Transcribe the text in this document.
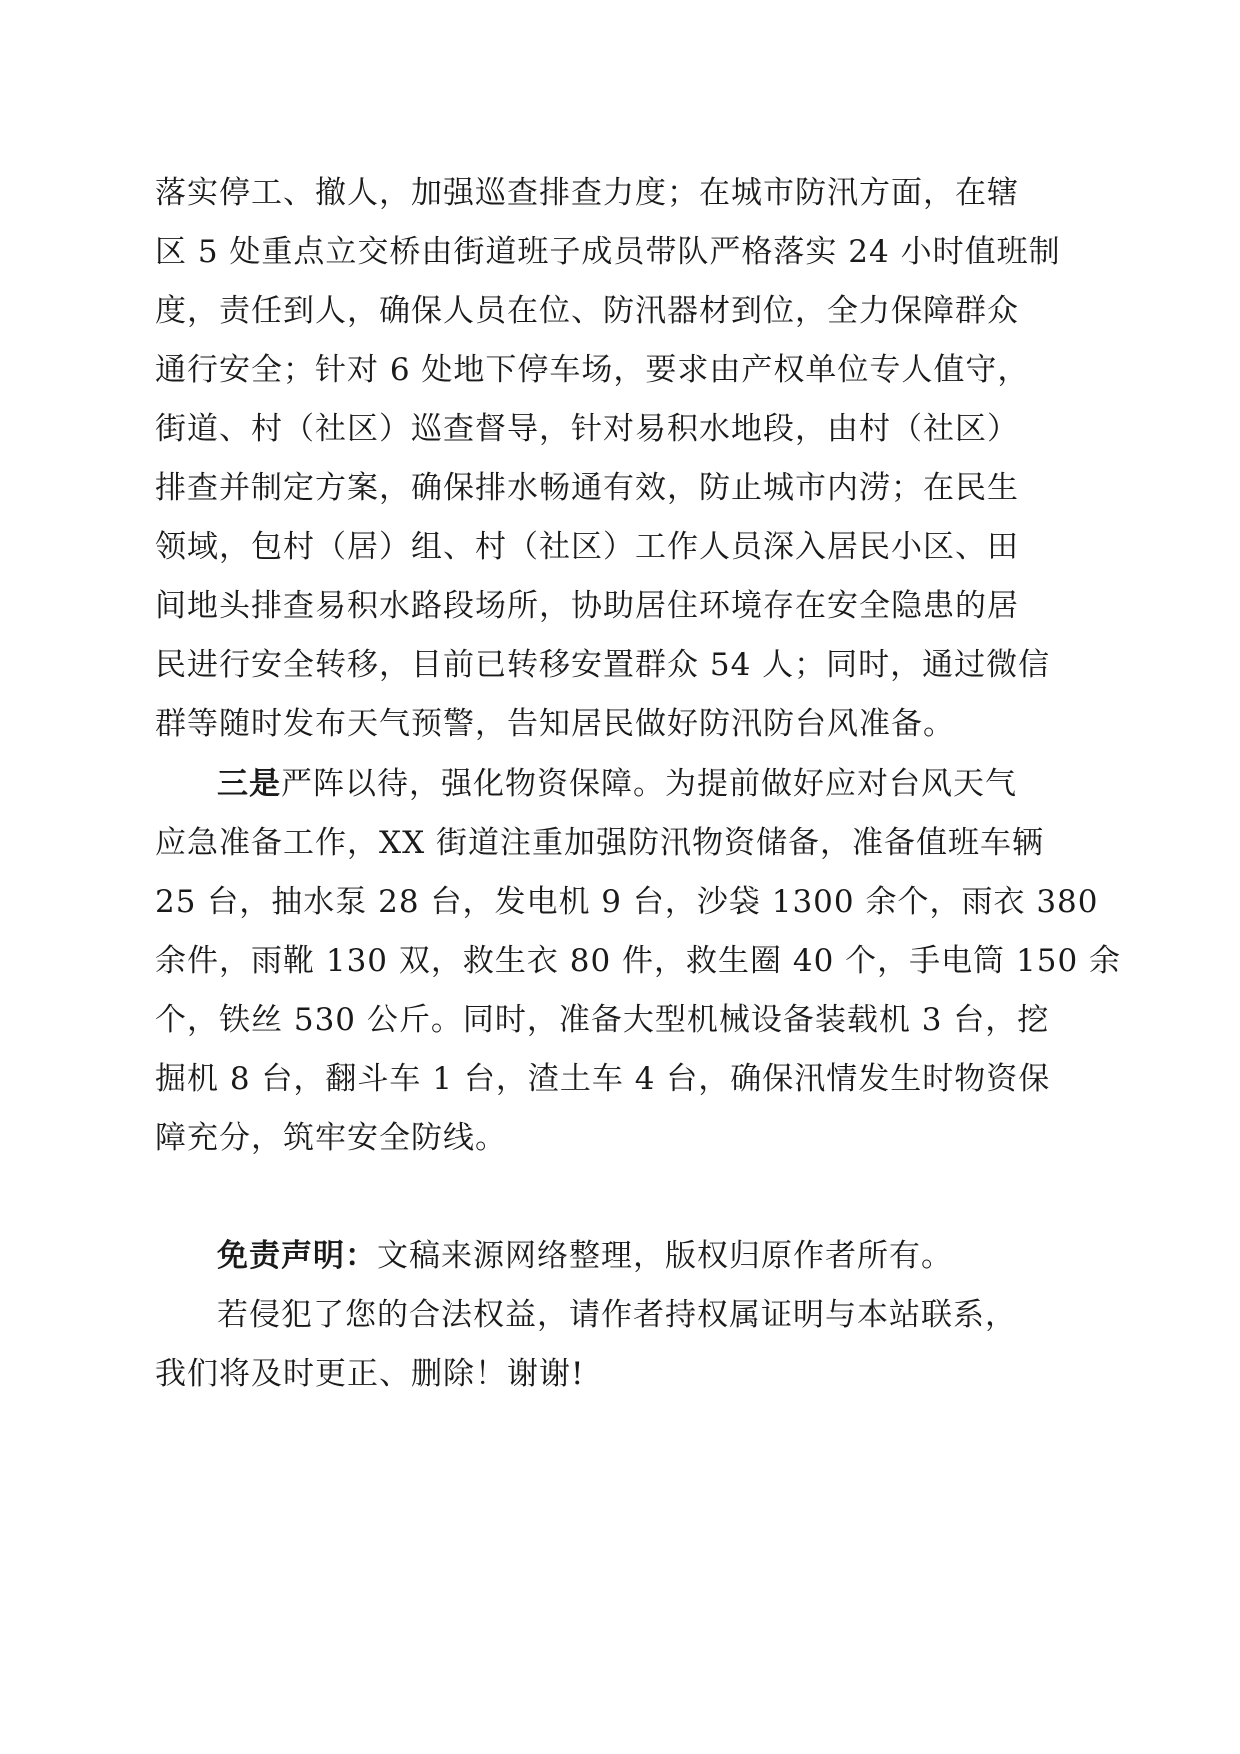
落实停工、撤人，加强巡查排查力度；在城市防汛方面，在辖
区 5 处重点立交桥由街道班子成员带队严格落实 24 小时值班制
度，责任到人，确保人员在位、防汛器材到位，全力保障群众
通行安全；针对 6 处地下停车场，要求由产权单位专人值守，
街道、村（社区）巡查督导，针对易积水地段，由村（社区）
排查并制定方案，确保排水畅通有效，防止城市内涝；在民生
领域，包村（居）组、村（社区）工作人员深入居民小区、田
间地头排查易积水路段场所，协助居住环境存在安全隐患的居
民进行安全转移，目前已转移安置群众 54 人；同时，通过微信
群等随时发布天气预警，告知居民做好防汛防台风准备。
三是严阵以待，强化物资保障。为提前做好应对台风天气
应急准备工作，XX 街道注重加强防汛物资储备，准备值班车辆
25 台，抽水泵 28 台，发电机 9 台，沙袋 1300 余个，雨衣 380
余件，雨靴 130 双，救生衣 80 件，救生圈 40 个，手电筒 150 余
个，铁丝 530 公斤。同时，准备大型机械设备装载机 3 台，挖
掘机 8 台，翻斗车 1 台，渣土车 4 台，确保汛情发生时物资保
障充分，筑牢安全防线。
免责声明：文稿来源网络整理，版权归原作者所有。
若侵犯了您的合法权益，请作者持权属证明与本站联系，
我们将及时更正、删除！谢谢!
